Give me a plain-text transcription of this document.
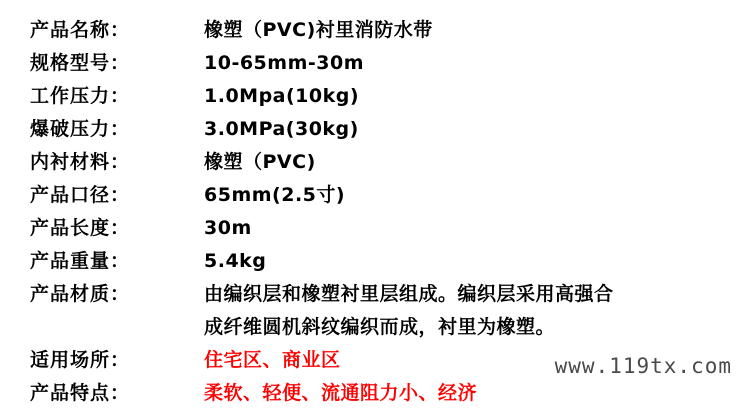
产品名称：	橡塑（PVC)衬里消防水带
规格型号：	10-65mm-30m
工作压力：	1.0Mpa(10kg)
爆破压力：	3.0MPa(30kg)
内衬材料：	橡塑（PVC)
产品口径：	65mm(2.5寸)
产品长度：	30m
产品重量：	5.4kg
产品材质：	由编织层和橡塑衬里层组成。编织层采用高强合
成纤维圆机斜纹编织而成，衬里为橡塑。

适用场所：	住宅区、商业区
产品特点：	柔软、轻便、流通阻力小、经济
www.119tx.com
